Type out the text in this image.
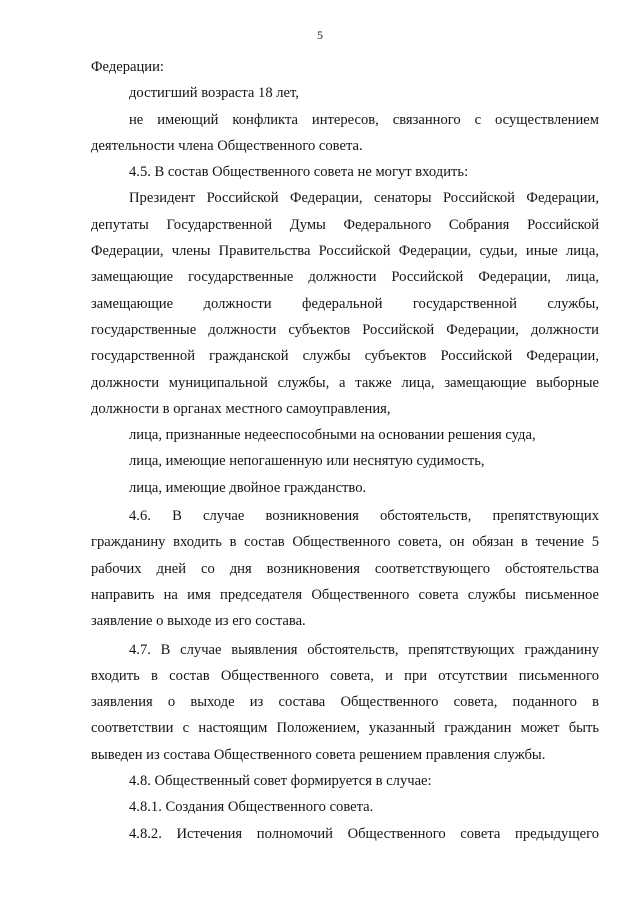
5
Федерации:
достигший возраста 18 лет,
не имеющий конфликта интересов, связанного с осуществлением
деятельности члена Общественного совета.
4.5. В состав Общественного совета не могут входить:
Президент Российской Федерации, сенаторы Российской Федерации,
депутаты Государственной Думы Федерального Собрания Российской
Федерации, члены Правительства Российской Федерации, судьи, иные лица,
замещающие государственные должности Российской Федерации, лица,
замещающие должности федеральной государственной службы,
государственные должности субъектов Российской Федерации, должности
государственной гражданской службы субъектов Российской Федерации,
должности муниципальной службы, а также лица, замещающие выборные
должности в органах местного самоуправления,
лица, признанные недееспособными на основании решения суда,
лица, имеющие непогашенную или неснятую судимость,
лица, имеющие двойное гражданство.
4.6. В случае возникновения обстоятельств, препятствующих
гражданину входить в состав Общественного совета, он обязан в течение 5
рабочих дней со дня возникновения соответствующего обстоятельства
направить на имя председателя Общественного совета службы письменное
заявление о выходе из его состава.
4.7. В случае выявления обстоятельств, препятствующих гражданину
входить в состав Общественного совета, и при отсутствии письменного
заявления о выходе из состава Общественного совета, поданного в
соответствии с настоящим Положением, указанный гражданин может быть
выведен из состава Общественного совета решением правления службы.
4.8. Общественный совет формируется в случае:
4.8.1. Создания Общественного совета.
4.8.2. Истечения полномочий Общественного совета предыдущего
